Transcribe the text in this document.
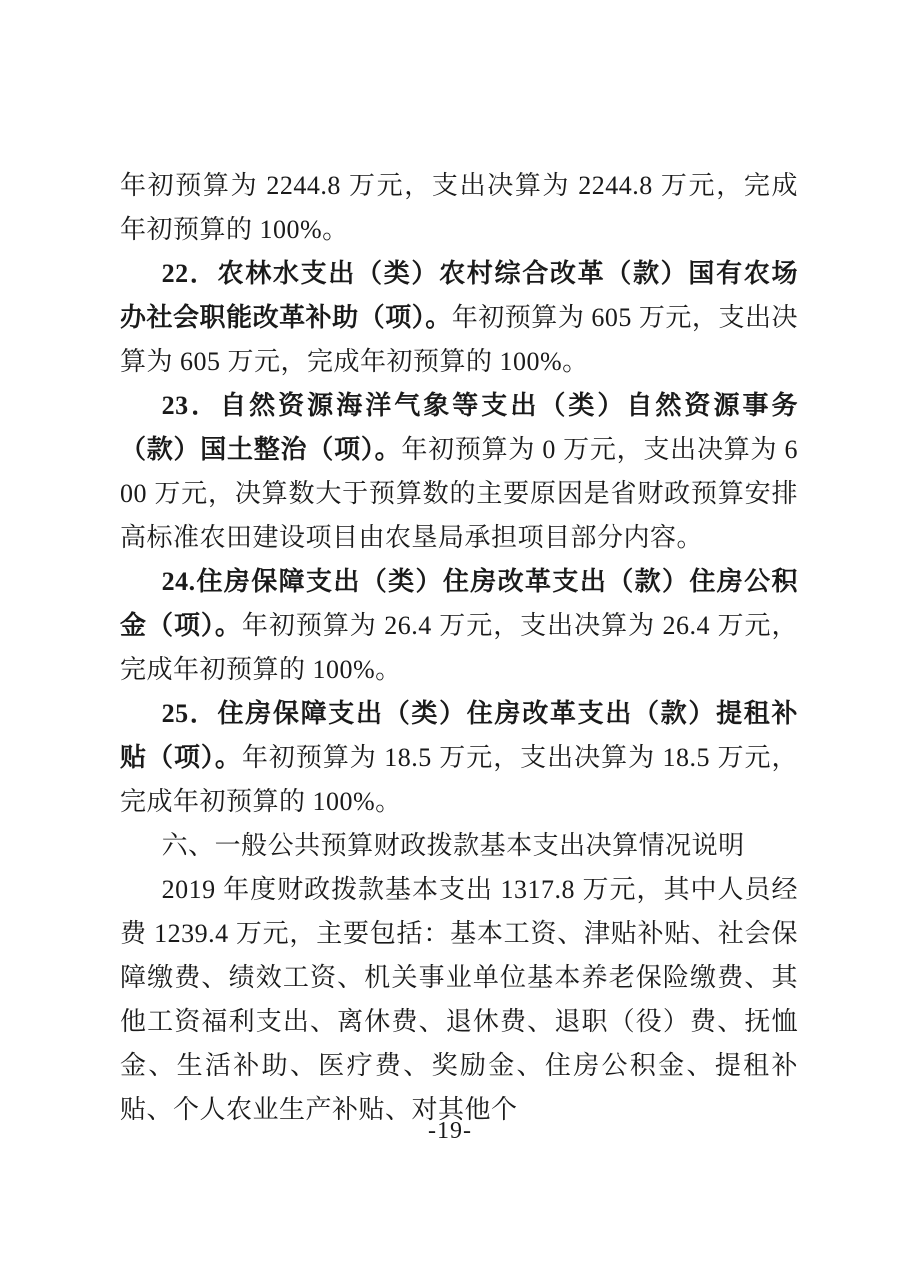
年初预算为 2244.8 万元，支出决算为 2244.8 万元，完成年初预算的 100%。

22．农林水支出（类）农村综合改革（款）国有农场办社会职能改革补助（项）。年初预算为 605 万元，支出决算为 605 万元，完成年初预算的 100%。

23．自然资源海洋气象等支出（类）自然资源事务（款）国土整治（项）。年初预算为 0 万元，支出决算为 600 万元，决算数大于预算数的主要原因是省财政预算安排高标准农田建设项目由农垦局承担项目部分内容。

24.住房保障支出（类）住房改革支出（款）住房公积金（项）。年初预算为 26.4 万元，支出决算为 26.4 万元，完成年初预算的 100%。

25．住房保障支出（类）住房改革支出（款）提租补贴（项）。年初预算为 18.5 万元，支出决算为 18.5 万元，完成年初预算的 100%。

六、一般公共预算财政拨款基本支出决算情况说明

2019 年度财政拨款基本支出 1317.8 万元，其中人员经费 1239.4 万元，主要包括：基本工资、津贴补贴、社会保障缴费、绩效工资、机关事业单位基本养老保险缴费、其他工资福利支出、离休费、退休费、退职（役）费、抚恤金、生活补助、医疗费、奖励金、住房公积金、提租补贴、个人农业生产补贴、对其他个

-19-
